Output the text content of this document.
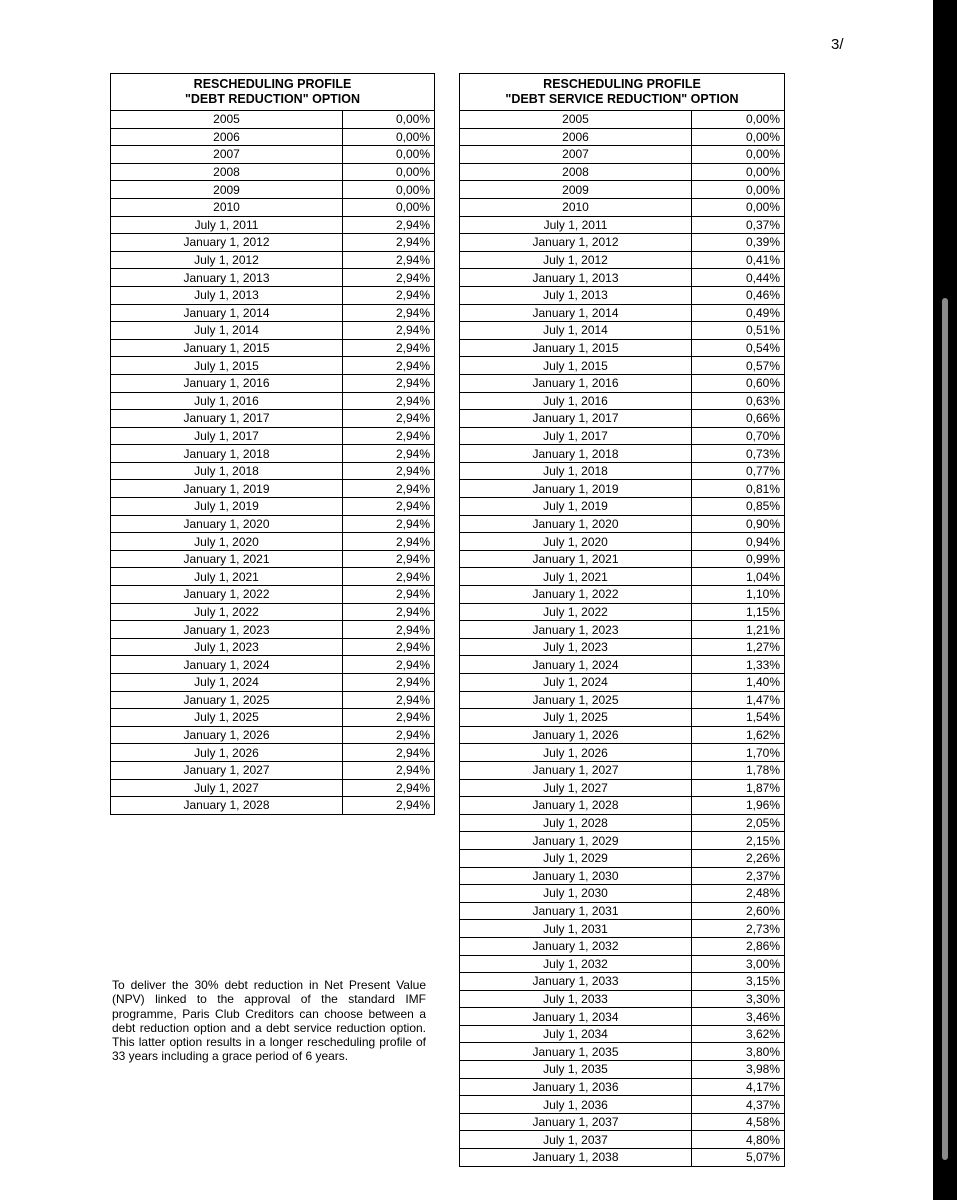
3/
RESCHEDULING PROFILE
"DEBT REDUCTION" OPTION	
2005	0,00%
2006	0,00%
2007	0,00%
2008	0,00%
2009	0,00%
2010	0,00%
July 1, 2011	2,94%
January 1, 2012	2,94%
July 1, 2012	2,94%
January 1, 2013	2,94%
July 1, 2013	2,94%
January 1, 2014	2,94%
July 1, 2014	2,94%
January 1, 2015	2,94%
July 1, 2015	2,94%
January 1, 2016	2,94%
July 1, 2016	2,94%
January 1, 2017	2,94%
July 1, 2017	2,94%
January 1, 2018	2,94%
July 1, 2018	2,94%
January 1, 2019	2,94%
July 1, 2019	2,94%
January 1, 2020	2,94%
July 1, 2020	2,94%
January 1, 2021	2,94%
July 1, 2021	2,94%
January 1, 2022	2,94%
July 1, 2022	2,94%
January 1, 2023	2,94%
July 1, 2023	2,94%
January 1, 2024	2,94%
July 1, 2024	2,94%
January 1, 2025	2,94%
July 1, 2025	2,94%
January 1, 2026	2,94%
July 1, 2026	2,94%
January 1, 2027	2,94%
July 1, 2027	2,94%
January 1, 2028	2,94%
RESCHEDULING PROFILE
"DEBT SERVICE REDUCTION" OPTION	
2005	0,00%
2006	0,00%
2007	0,00%
2008	0,00%
2009	0,00%
2010	0,00%
July 1, 2011	0,37%
January 1, 2012	0,39%
July 1, 2012	0,41%
January 1, 2013	0,44%
July 1, 2013	0,46%
January 1, 2014	0,49%
July 1, 2014	0,51%
January 1, 2015	0,54%
July 1, 2015	0,57%
January 1, 2016	0,60%
July 1, 2016	0,63%
January 1, 2017	0,66%
July 1, 2017	0,70%
January 1, 2018	0,73%
July 1, 2018	0,77%
January 1, 2019	0,81%
July 1, 2019	0,85%
January 1, 2020	0,90%
July 1, 2020	0,94%
January 1, 2021	0,99%
July 1, 2021	1,04%
January 1, 2022	1,10%
July 1, 2022	1,15%
January 1, 2023	1,21%
July 1, 2023	1,27%
January 1, 2024	1,33%
July 1, 2024	1,40%
January 1, 2025	1,47%
July 1, 2025	1,54%
January 1, 2026	1,62%
July 1, 2026	1,70%
January 1, 2027	1,78%
July 1, 2027	1,87%
January 1, 2028	1,96%
July 1, 2028	2,05%
January 1, 2029	2,15%
July 1, 2029	2,26%
January 1, 2030	2,37%
July 1, 2030	2,48%
January 1, 2031	2,60%
July 1, 2031	2,73%
January 1, 2032	2,86%
July 1, 2032	3,00%
January 1, 2033	3,15%
July 1, 2033	3,30%
January 1, 2034	3,46%
July 1, 2034	3,62%
January 1, 2035	3,80%
July 1, 2035	3,98%
January 1, 2036	4,17%
July 1, 2036	4,37%
January 1, 2037	4,58%
July 1, 2037	4,80%
January 1, 2038	5,07%
To deliver the 30% debt reduction in Net Present Value (NPV) linked to the approval of the standard IMF programme, Paris Club Creditors can choose between a debt reduction option and a debt service reduction option. This latter option results in a longer rescheduling profile of 33 years including a grace period of 6 years.
